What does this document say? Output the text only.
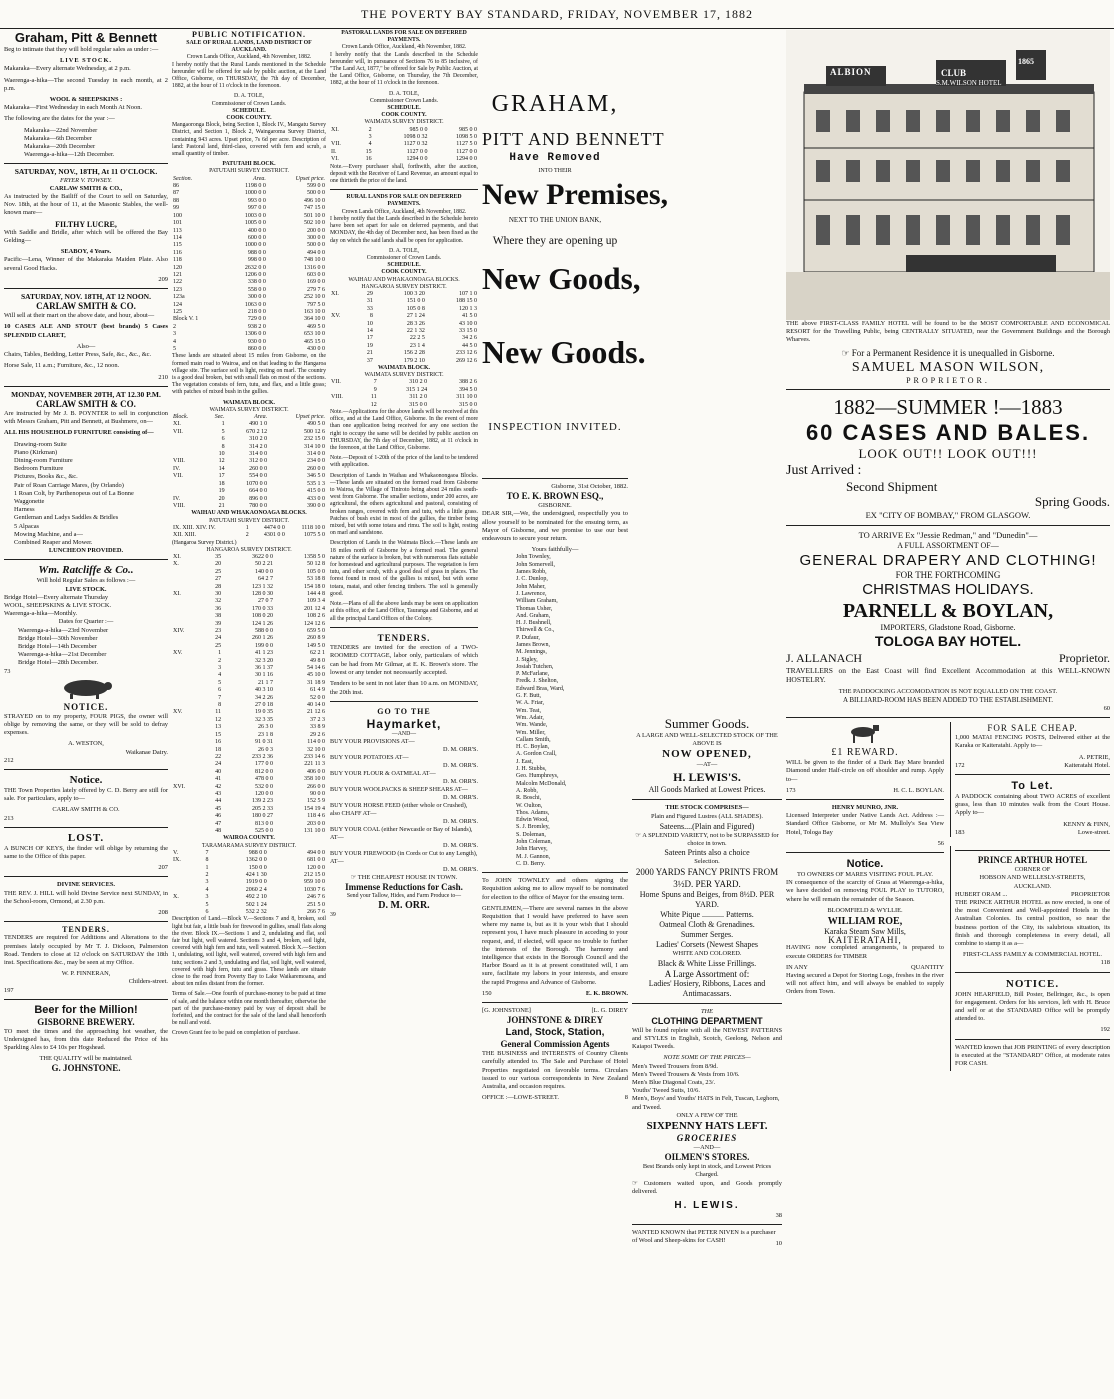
THE POVERTY BAY STANDARD, FRIDAY, NOVEMBER 17, 1882
Graham, Pitt & Bennett

Beg to intimate that they will hold regular sales as under :—

LIVE STOCK.

Makaraka—Every alternate Wednesday, at 2 p.m.

Waerenga-a-hika—The second Tuesday in each month, at 2 p.m.

WOOL & SHEEPSKINS :

Makaraka—First Wednesday in each Month At Noon.

The following are the dates for the year :—

Makaraka—22nd November
Makaraka—6th December
Makaraka—20th December
Waerenga-a-hika—12th December.
SATURDAY, NOV., 18TH, At 11 O'CLOCK.
FRYER V. TOWSEY.
CARLAW SMITH & CO.,

As instructed by the Bailiff of the Court to sell on Saturday, Nov. 18th, at the hour of 11, at the Masonic Stables, the well-known mare—

FILTHY LUCRE,

With Saddle and Bridle, after which will be offered the Bay Gelding—

SEABOY, 4 Years.

Pacific—Lena, Winner of the Makaraka Maiden Plate. Also several Good Hacks.

209
SATURDAY, NOV. 18TH, AT 12 NOON.
CARLAW SMITH & CO.

Will sell at their mart on the above date, and hour, about—

10 CASES ALE AND STOUT (best brands) 5 Cases SPLENDID CLARET,

Also—

Chairs, Tables, Bedding, Letter Press, Safe, &c., &c., &c.

Horse Sale, 11 a.m.; Furniture, &c., 12 noon.

210
MONDAY, NOVEMBER 20TH, AT 12.30 P.M.
CARLAW SMITH & CO.

Are instructed by Mr J. B. POYNTER to sell in conjunction with Messrs Graham, Pitt and Bennett, at Bushmere, on—

ALL HIS HOUSEHOLD FURNITURE consisting of—

Drawing-room Suite
Piano (Kirkman)
Dining-room Furniture
Bedroom Furniture
Pictures, Books &c., &c.
Pair of Roan Carriage Mares, (by Orlando)
1 Roan Colt, by Parthenopeus out of La Bonne
Waggonette
Harness
Gentleman and Ladys Saddles & Bridles
5 Alpacas
Mowing Machine, and a—
Combined Reaper and Mower.
LUNCHEON PROVIDED.
Wm. Ratcliffe & Co..
Will hold Regular Sales as follows :—
LIVE STOCK.
Bridge Hotel—Every alternate Thursday
WOOL, SHEEPSKINS & LIVE STOCK.
Waerenga-a-hika—Monthly.
Dates for Quarter :—
Waerenga-a-hika—23rd November
Bridge Hotel—30th November
Bridge Hotel—14th December
Waerenga-a-hika—21st December
Bridge Hotel—28th December.
73
NOTICE.

STRAYED on to my property, FOUR PIGS, the owner will oblige by removing the same, or they will be sold to defray expenses.

A. WESTON,
Waikanae Dairy.
212
Notice.

THE Town Properties lately offered by C. D. Berry are still for sale. For particulars, apply to—

CARLAW SMITH & CO.
213
LOST.

A BUNCH OF KEYS, the finder will oblige by returning the same to the Office of this paper.

207
DIVINE SERVICES.

THE REV. J. HILL will hold Divine Service next SUNDAY, in the School-room, Ormond, at 2.30 p.m.

208
TENDERS.

TENDERS are required for Additions and Alterations to the premises lately occupied by Mr T. J. Dickson, Palmerston Road. Tenders to close at 12 o'clock on SATURDAY the 18th inst. Specifications &c., may be seen at my Office.

W. P. FINNERAN,
Childers-street.
197
Beer for the Million!
GISBORNE BREWERY.

TO meet the times and the approaching hot weather, the Undersigned has, from this date Reduced the Price of his Sparkling Ales to £4 10s per Hogshead.

THE QUALITY will be maintained.
G. JOHNSTONE.
PUBLIC NOTIFICATION.
SALE OF RURAL LANDS, LAND DISTRICT OF AUCKLAND.
Crown Lands Office, Auckland, 4th November, 1882.

I hereby notify that the Rural Lands mentioned in the Schedule hereunder will be offered for sale by public auction, at the Land Office, Gisborne, on THURSDAY, the 7th day of December, 1882, at the hour of 11 o'clock in the forenoon.

D. A. TOLE,
Commissioner of Crown Lands.
SCHEDULE.
COOK COUNTY.

Mangaoronga Block, being Section 1, Block IV., Mangatu Survey District, and Section 1, Block 2, Waingaroma Survey District, containing 943 acres. Upset price, 7s 6d per acre. Description of land: Pastoral land, third-class, covered with fern and scrub, a small quantity of timber.

PATUTAHI BLOCK.
PATUTAHI SURVEY DISTRICT.
Section.	Area.	Upset price.
86	1198 0 0	599 0 0
87	1000 0 0	500 0 0
88	993 0 0	496 10 0
99	997 0 0	747 15 0
100	1003 0 0	501 10 0
101	1005 0 0	502 10 0
113	400 0 0	200 0 0
114	600 0 0	300 0 0
115	1000 0 0	500 0 0
116	988 0 0	494 0 0
118	998 0 0	748 10 0
120	2632 0 0	1316 0 0
121	1206 0 0	603 0 0
122	338 0 0	169 0 0
123	558 0 0	279 7 6
123a	300 0 0	252 10 0
124	1063 0 0	797 5 0
125	218 0 0	163 10 0
Block V. 1	729 0 0	364 10 0
2	938 2 0	469 5 0
3	1306 0 0	653 10 0
4	930 0 0	465 15 0
5	860 0 0	430 0 0

These lands are situated about 15 miles from Gisborne, on the formed main road to Wairoa, and on that leading to the Hangaroa village site. The surface soil is light, resting on marl. The country is a good deal broken, but with small flats on most of the sections. The vegetation consists of fern, tutu, and flax, and a little grass; with patches of mixed bush in the gullies.

WAIMATA BLOCK.
WAIMATA SURVEY DISTRICT.
Block.	Sec.	Area.	Upset price.
XI.	1	490 1 0	490 5 0
VII.	5	670 2 12	500 12 6
	6	310 2 0	232 15 0
	8	314 2 0	314 10 0
	10	314 0 0	314 0 0
VIII.	12	312 0 0	234 0 0
IV.	14	260 0 0	260 0 0
VII.	17	554 0 0	346 5 0
	18	1070 0 0	535 1 3
	19	664 0 0	415 0 0
IV.	20	896 0 0	433 0 0
VIII.	21	780 0 0	390 0 0
WAIHAU AND WHAKAONOAGA BLOCKS.
PATUTAHI SURVEY DISTRICT.
IX. XIII. XIV. IV.	1	4474 0 0	1118 10 0
XII. XIII.	2	4301 0 0	1075 5 0
(Hangaroa Survey District.)
HANGAROA SURVEY DISTRICT.
XI.	35	3622 0 0	1358 5 0
X.	20	50 2 21	50 12 8
	25	140 0 0	105 0 0
	27	64 2 7	53 18 8
	28	123 1 32	154 18 0
XI.	30	128 0 30	144 4 8
	32	27 0 7	109 3 4
	36	170 0 33	201 12 4
	38	108 0 20	108 2 6
	39	124 1 26	124 12 6
XIV.	23	588 0 0	659 5 0
	24	260 1 26	260 8 9
	25	199 0 0	149 5 0
XV.	1	41 1 23	62 2 1
	2	32 3 20	49 8 0
	3	36 1 37	54 14 6
	4	30 1 16	45 10 0
	5	21 1 7	31 18 9
	6	40 3 10	61 4 9
	7	34 2 26	52 0 0
	8	27 0 18	40 14 0
XV.	11	19 0 35	21 12 6
	12	32 3 35	37 2 3
	13	26 3 0	33 8 9
	15	23 1 8	29 2 6
	16	91 0 31	114 0 0
	18	26 0 3	32 10 0
	22	233 2 36	233 14 6
	24	177 0 0	221 11 3
	40	812 0 0	406 0 0
	41	478 0 0	358 10 0
XVI.	42	532 0 0	266 0 0
	43	120 0 0	90 0 0
	44	139 2 23	152 5 9
	45	205 2 33	154 19 4
	46	180 0 27	118 4 6
	47	813 0 0	203 0 0
	48	525 0 0	131 10 0
WAIROA COUNTY.
TARAMARAMA SURVEY DISTRICT.
V.	7	988 0 0	494 0 0
IX.	8	1362 0 0	681 0 0
	1	150 0 0	120 0 0
	2	424 1 30	212 15 0
	3	1919 0 0	959 10 0
	4	2060 2 4	1030 7 6
X.	3	492 2 10	246 7 6
	5	502 1 24	251 5 0
	6	532 2 32	266 7 6

Description of Land.—Block V.—Sections 7 and 8, broken, soil light but fair, a little bush for firewood in gullies, small flats along the river. Block IX.—Sections 1 and 2, undulating and flat, soil fair but light, well watered. Sections 3 and 4, broken, soil light, covered with high fern and tutu, well watered. Block X.—Section 1, undulating, soil light, well watered, covered with high fern and tutu; sections 2 and 3, undulating and flat, soil light, well watered, covered with high fern, tutu and grass. These lands are situate close to the road from Poverty Bay to Lake Waikaremoana, and about ten miles distant from the former.

Terms of Sale.—One fourth of purchase-money to be paid at time of sale, and the balance within one month thereafter, otherwise the part of the purchase-money paid by way of deposit shall be forfeited, and the contract for the sale of the land shall henceforth be null and void.

Crown Grant fee to be paid on completion of purchase.

PASTORAL LANDS FOR SALE ON DEFERRED PAYMENTS.
Crown Lands Office, Auckland, 4th November, 1882.

I hereby notify that the Lands described in the Schedule hereunder will, in pursuance of Sections 76 to 85 inclusive, of "The Land Act, 1877," be offered for Sale by Public Auction, at the Land Office, Gisborne, on Thursday, the 7th December, 1882, at the hour of 11 o'clock in the forenoon.

D. A. TOLE,
Commissioner Crown Lands.
SCHEDULE.
COOK COUNTY.
WAIMATA SURVEY DISTRICT.
XI.	2	985 0 0	985 0 0
	3	1098 0 32	1098 5 0
VII.	4	1127 0 32	1127 5 0
II.	15	1127 0 0	1127 0 0
VI.	16	1294 0 0	1294 0 0

Note.—Every purchaser shall, forthwith, after the auction, deposit with the Receiver of Land Revenue, an amount equal to one thirtieth the price of the land.

RURAL LANDS FOR SALE ON DEFERRED PAYMENTS.
Crown Lands Office, Auckland, 4th November, 1882.

I hereby notify that the Lands described in the Schedule hereto have been set apart for sale on deferred payments, and that MONDAY, the 4th day of December next, has been fixed as the day on which the said lands shall be open for application.

D. A. TOLE,
Commissioner of Crown Lands.
SCHEDULE.
COOK COUNTY.
WAIHAU AND WHAKAONOAGA BLOCKS.
HANGAROA SURVEY DISTRICT.
XI.	29	100 3 20	107 1 0
	31	151 0 0	188 15 0
	33	105 0 8	120 1 3
XV.	8	27 1 24	41 5 0
	10	28 3 26	43 10 0
	14	22 1 32	33 15 0
	17	22 2 5	34 2 6
	19	23 1 4	44 5 0
	21	156 2 28	233 12 6
	37	179 2 10	269 12 6
WAIMATA BLOCK.
WAIMATA SURVEY DISTRICT.
VII.	7	310 2 0	388 2 6
	9	315 1 24	394 5 0
VIII.	11	311 2 0	311 10 0
	12	315 0 0	315 0 0

Note.—Applications for the above lands will be received at this office, and at the Land Office, Gisborne. In the event of more than one application being received for any one section the right to occupy the same will be decided by public auction on THURSDAY, the 7th day of December, 1882, at 11 o'clock in the forenoon, at the Land Office, Gisborne.

Note.—Deposit of 1-20th of the price of the land to be tendered with application.

Description of Lands in Waihau and Whakaonongaoa Blocks.—These lands are situated on the formed road from Gisborne to Wairoa, the Village of Tiniroto being about 24 miles south-west from Gisborne. The smaller sections, under 200 acres, are agricultural, the others agricultural and pastoral, consisting of broken ranges, covered with fern and tutu, with a little grass. Patches of bush exist in most of the gullies, the timber being mixed, but with some totara and rimu. The soil is light, resting on marl and sandstone.

Description of Lands in the Waimata Block.—These lands are 18 miles north of Gisborne by a formed road. The general nature of the surface is broken, but with numerous flats suitable for homestead and agricultural purposes. The vegetation is fern tutu, and other scrub, with a good deal of grass in places. The forest found in most of the gullies is mixed, but with some totara, matai, and other fencing timbers. The soil is generally good.

Note.—Plans of all the above lands may be seen on application at this office, at the Land Office, Tauranga and Gisborne, and at all the principal Land Offices of the Colony.

TENDERS.

TENDERS are invited for the erection of a TWO-ROOMED COTTAGE, labor only, particulars of which can be had from Mr Gilmar, at E. K. Brown's store. The lowest or any tender not necessarily accepted.

Tenders to be sent in not later than 10 a.m. on MONDAY, the 20th inst.

GO TO THE
Haymarket,
—AND—
BUY YOUR PROVISIONS AT—
D. M. ORR'S.
BUY YOUR POTATOES AT—
D. M. ORR'S.
BUY YOUR FLOUR & OATMEAL AT—
D. M. ORR'S.
BUY YOUR WOOLPACKS & SHEEP SHEARS AT—
D. M. ORR'S.
BUY YOUR HORSE FEED (either whole or Crushed), also CHAFF AT—
D. M. ORR'S.
BUY YOUR COAL (either Newcastle or Bay of Islands), AT—
D. M. ORR'S.
BUY YOUR FIREWOOD (in Cords or Cut to any Length), AT—
D. M. ORR'S.
☞ THE CHEAPEST HOUSE IN TOWN.
Immense Reductions for Cash.
Send your Tallow, Hides, and Farm Produce to—
D. M. ORR.
39
GRAHAM,
PITT AND BENNETT
Have Removed
INTO THEIR
New Premises,
NEXT TO THE UNION BANK,
Where they are opening up
New Goods,
New Goods.
INSPECTION INVITED.
Gisborne, 31st October, 1882.
TO E. K. BROWN ESQ.,
GISBORNE.

DEAR SIR,—We, the undersigned, respectfully you to allow yourself to be nominated for the ensuing term, as Mayor of Gisborne, and we promise to use our best endeavours to secure your return.

Yours faithfully—
John Townley,
John Somervell,
James Robb,
J. C. Dunlop,
John Maher,
J. Lawrence,
William Graham,
Thomas Usher,
And. Graham,
H. J. Bushnell,
Thirwell & Co.,
P. Dufaur,
James Brown,
M. Jennings,
J. Sigley,
Josiah Tutchen,
P. McFarlane,
Fredk. J. Shelton,
Edward Bras, Ward,
G. F. Butt,
W. A. Friar,
Wm. Teat,
Wm. Adair,
Wm. Wande,
Wm. Miller,
Callam Smith,
H. C. Boylan,
A. Gordon Crall,
J. East,
J. H. Stubbs,
Geo. Humphreys,
Malcolm McDonald,
A. Robb,
R. Boschi,
W. Oulton,
Thos. Adams,
Edwin Wood,
S. J. Bromley,
S. Doleman,
John Coleman,
John Harvey,
M. J. Gannon,
C. D. Berry.

To JOHN TOWNLEY and others signing the Requisition asking me to allow myself to be nominated for election to the office of Mayor for the ensuing term.

GENTLEMEN,—There are several names in the above Requisition that I would have preferred to have seen where my name is, but as it is your wish that I should represent you, I have much pleasure in acceding to your request, and, if elected, will space no trouble to further the interests of the Borough. The harmony and intelligence that exists in the Borough Council and the Harbor Board as it is at present constituted will, I am sure, facilitate my labors in your interests, and ensure the rapid Progress and Advance of Gisborne.

150	E. K. BROWN.
[G. JOHNSTONE]	[L. G. DIREY
JOHNSTONE & DIREY
Land, Stock, Station,
General Commission Agents

THE BUSINESS and INTERESTS of Country Clients carefully attended to. The Sale and Purchase of Hotel Properties negotiated on favorable terms. Circulars issued to our various correspondents in New Zealand Australia, and occasion requires.

OFFICE :—LOWE-STREET.	8
Summer Goods.
A LARGE AND WELL-SELECTED STOCK OF THE ABOVE IS
NOW OPENED,
—AT—
H. LEWIS'S.
All Goods Marked at Lowest Prices.
THE STOCK COMPRISES—
Plain and Figured Lustres (ALL SHADES).
Sateens....(Plain and Figured)
☞ A SPLENDID VARIETY, not to be SURPASSED for choice in town.
Sateen Prints also a choice
Selection.
2000 YARDS FANCY PRINTS FROM 3½D. PER YARD.
Home Spuns and Beiges, from 8½D. PER YARD.
White Pique ........... Patterns.
Oatmeal Cloth & Grenadines.
Summer Serges.
Ladies' Corsets (Newest Shapes
WHITE AND COLORED.
Black & White Lisse Frillings.
A Large Assortment of:
Ladies' Hosiery, Ribbons, Laces and Antimacassars.
THE
CLOTHING DEPARTMENT

Will be found replete with all the NEWEST PATTERNS and STYLES in English, Scotch, Geelong, Nelson and Kaiapoi Tweeds.

NOTE SOME OF THE PRICES—
Men's Tweed Trousers from 8/9d.
Men's Tweed Trousers & Vests from 10/6.
Men's Blue Diagonal Coats, 23/.
Youths' Tweed Suits, 10/6.
Men's, Boys' and Youths' HATS in Felt, Tuscan, Leghorn, and Tweed.
ONLY A FEW OF THE
SIXPENNY HATS LEFT.
GROCERIES
—AND—
OILMEN'S STORES.
Best Brands only kept in stock, and Lowest Prices Charged.

☞ Customers waited upon, and Goods promptly delivered.

H. LEWIS.
38

WANTED KNOWN that PETER NIVEN is a purchaser of Wool and Sheep-skins for CASH!	10
ALBION	CLUB
1865
S.M.WILSON HOTEL

THE above FIRST-CLASS FAMILY HOTEL will be found to be the MOST COMFORTABLE AND ECONOMICAL RESORT for the Travelling Public, being CENTRALLY SITUATED, near the Government Buildings and the Borough Wharves.

☞ For a Permanent Residence it is unequalled in Gisborne.
SAMUEL MASON WILSON,
PROPRIETOR.
1882—SUMMER !—1883
60 CASES AND BALES.
LOOK OUT!! LOOK OUT!!!
Just Arrived :
Second Shipment
Spring Goods.
EX "CITY OF BOMBAY," FROM GLASGOW.
TO ARRIVE Ex "Jessie Redman," and "Dunedin"—
A FULL ASSORTMENT OF—
GENERAL DRAPERY AND CLOTHING!
FOR THE FORTHCOMING
CHRISTMAS HOLIDAYS.
PARNELL & BOYLAN,
IMPORTERS, Gladstone Road, Gisborne.
TOLOGA BAY HOTEL.
J. ALLANACH	Proprietor.

TRAVELLERS on the East Coast will find Excellent Accommodation at this WELL-KNOWN HOSTELRY.

THE PADDOCKING ACCOMODATION IS NOT EQUALLED ON THE COAST.
A BILLIARD-ROOM HAS BEEN ADDED TO THE ESTABLISHMENT.
60
£1 REWARD.

WILL be given to the finder of a Dark Bay Mare branded Diamond under Half-circle on off shoulder and rump. Apply to—

173	H. C. L. BOYLAN.
HENRY MUNRO, JNR.

Licensed Interpreter under Native Lands Act. Address :—Standard Office Gisborne, or Mr M. Mulloly's Sea View Hotel, Tologa Bay

56
Notice.
TO OWNERS OF MARES VISITING FOUL PLAY.

IN consequence of the scarcity of Grass at Waerenga-a-hika, we have decided on removing FOUL PLAY to TUTORO, where he will remain the remainder of the Season.

BLOOMFIELD & WYLLIE.
WILLIAM ROE,
Karaka Steam Saw Mills,
KAITERATAHI,

HAVING now completed arrangements, is prepared to execute ORDERS for TIMBER

IN ANY	QUANTITY

Having secured a Depot for Storing Logs, freshes in the river will not affect him, and will always be enabled to supply Orders from Town.

FOR SALE CHEAP.

1,000 MATAI FENCING POSTS, Delivered either at the Karaka or Kaiteratahi. Apply to—

A. PETRIE,
172	Kaiteratahi Hotel.
To Let.

A PADDOCK containing about TWO ACRES of excellent grass, less than 10 minutes walk from the Court House. Apply to—

KENNY & FINN,
183	Lowe-street.
PRINCE ARTHUR HOTEL
CORNER OF
HOBSON AND WELLESLY-STREETS,
AUCKLAND.
HUBERT ORAM ...	PROPRIETOR

THE PRINCE ARTHUR HOTEL as now erected, is one of the most Convenient and Well-appointed Hotels in the Australian Colonies. Its central position, so near the business portion of the City, its salubrious situation, its finish and thorough completeness in every detail, all combine to stamp it as a—

FIRST-CLASS FAMILY & COMMERCIAL HOTEL.
118
NOTICE.

JOHN HEARFIELD, Bill Poster, Bellringer, &c., is open for engagement. Orders for his services, left with H. Bruce and self or at the STANDARD Office will be promptly attended to.

192

WANTED known that JOB PRINTING of every description is executed at the "STANDARD" Office, at moderate rates FOR CASH.
